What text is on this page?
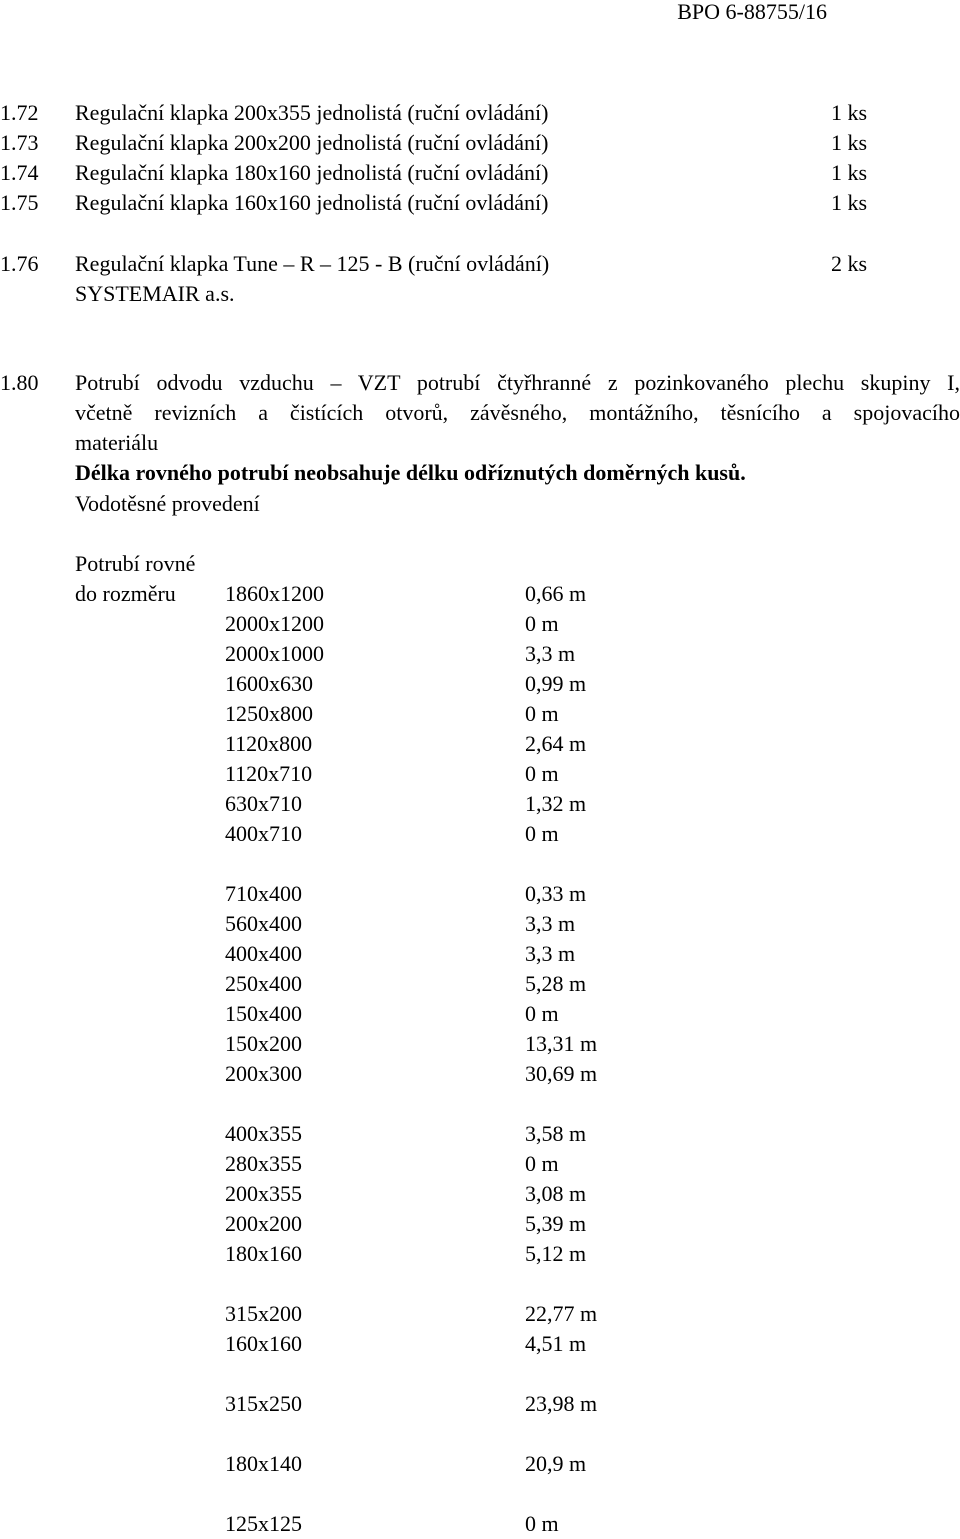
BPO 6-88755/16
1.72 Regulační klapka 200x355 jednolistá (ruční ovládání)	1 ks
1.73 Regulační klapka 200x200 jednolistá (ruční ovládání)	1 ks
1.74 Regulační klapka 180x160 jednolistá (ruční ovládání)	1 ks
1.75 Regulační klapka 160x160 jednolistá (ruční ovládání)	1 ks
1.76 Regulační klapka Tune – R – 125 - B (ruční ovládání)	2 ks
SYSTEMAIR a.s.
1.80 Potrubí odvodu vzduchu – VZT potrubí čtyřhranné z pozinkovaného plechu skupiny I,
včetně revizních a čistících otvorů, závěsného, montážního, těsnícího a spojovacího
materiálu
Délka rovného potrubí neobsahuje délku odříznutých doměrných kusů.
Vodotěsné provedení
Potrubí rovné
do rozměru 1860x1200	0,66 m
2000x1200	0 m
2000x1000	3,3 m
1600x630	0,99 m
1250x800	0 m
1120x800	2,64 m
1120x710	0 m
630x710	1,32 m
400x710	0 m
710x400	0,33 m
560x400	3,3 m
400x400	3,3 m
250x400	5,28 m
150x400	0 m
150x200	13,31 m
200x300	30,69 m
400x355	3,58 m
280x355	0 m
200x355	3,08 m
200x200	5,39 m
180x160	5,12 m
315x200	22,77 m
160x160	4,51 m
315x250	23,98 m
180x140	20,9 m
125x125	0 m
